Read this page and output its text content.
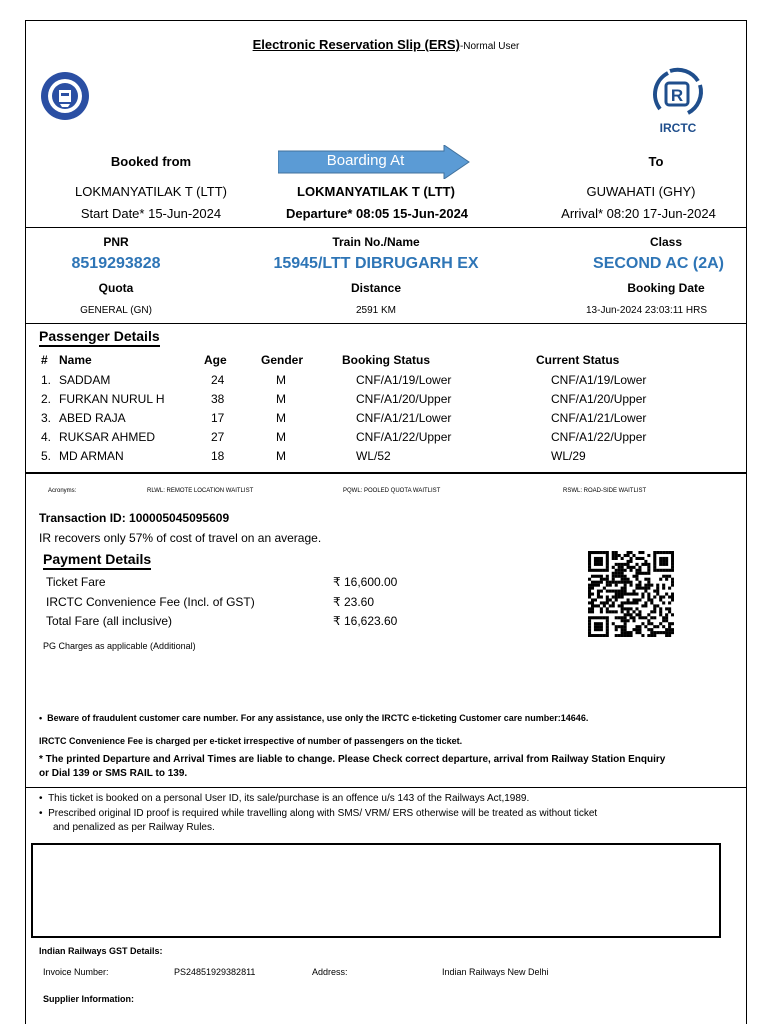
Electronic Reservation Slip (ERS)-Normal User
R
IRCTC
Booked from	Boarding At	To
LOKMANYATILAK T (LTT)	LOKMANYATILAK T (LTT)	GUWAHATI (GHY)
Start Date* 15-Jun-2024	Departure* 08:05 15-Jun-2024	Arrival* 08:20 17-Jun-2024
PNR	Train No./Name	Class
8519293828	15945/LTT DIBRUGARH EX	SECOND AC (2A)
Quota	Distance	Booking Date
GENERAL (GN)	2591 KM	13-Jun-2024 23:03:11 HRS
Passenger Details
# Name	Age	Gender	Booking Status	Current Status
1. SADDAM	24	M	CNF/A1/19/Lower	CNF/A1/19/Lower
2. FURKAN NURUL H	38	M	CNF/A1/20/Upper	CNF/A1/20/Upper
3. ABED RAJA	17	M	CNF/A1/21/Lower	CNF/A1/21/Lower
4. RUKSAR AHMED	27	M	CNF/A1/22/Upper	CNF/A1/22/Upper
5. MD ARMAN	18	M	WL/52	WL/29
Acronyms:	RLWL: REMOTE LOCATION WAITLIST	PQWL: POOLED QUOTA WAITLIST	RSWL: ROAD-SIDE WAITLIST
Transaction ID: 100005045095609
IR recovers only 57% of cost of travel on an average.
Payment Details
Ticket Fare	₹ 16,600.00
IRCTC Convenience Fee (Incl. of GST)	₹ 23.60
Total Fare (all inclusive)	₹ 16,623.60
PG Charges as applicable (Additional)
•  Beware of fraudulent customer care number. For any assistance, use only the IRCTC e-ticketing Customer care number:14646.
IRCTC Convenience Fee is charged per e-ticket irrespective of number of passengers on the ticket.
* The printed Departure and Arrival Times are liable to change. Please Check correct departure, arrival from Railway Station Enquiry
or Dial 139 or SMS RAIL to 139.
•  This ticket is booked on a personal User ID, its sale/purchase is an offence u/s 143 of the Railways Act,1989.
•  Prescribed original ID proof is required while travelling along with SMS/ VRM/ ERS otherwise will be treated as without ticket
and penalized as per Railway Rules.
Indian Railways GST Details:
Invoice Number:	PS24851929382811	Address:	Indian Railways New Delhi
Supplier Information:
